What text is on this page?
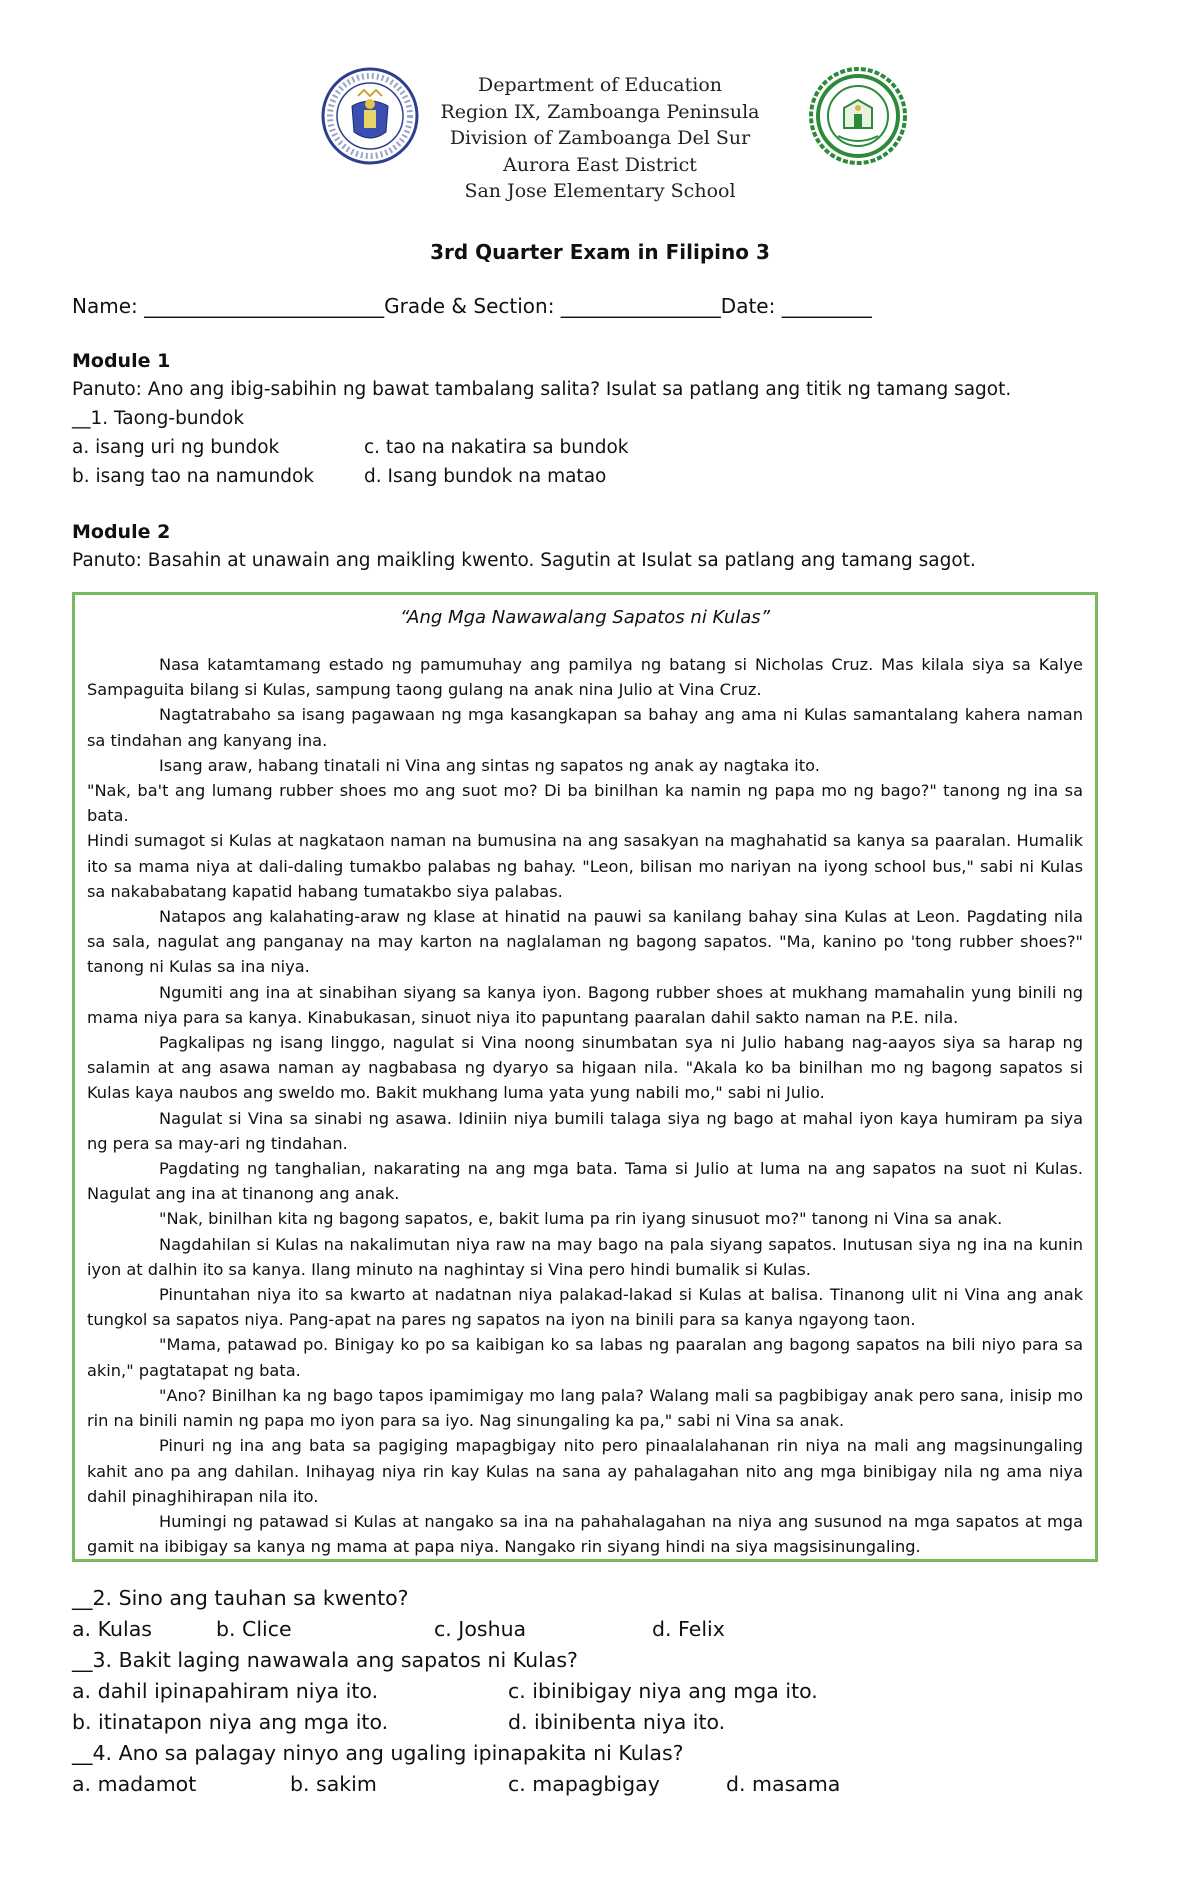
Department of Education
Region IX, Zamboanga Peninsula
Division of Zamboanga Del Sur
Aurora East District
San Jose Elementary School
3rd Quarter Exam in Filipino 3
Name: ________________________Grade & Section: ________________Date: _________
Module 1
Panuto: Ano ang ibig-sabihin ng bawat tambalang salita? Isulat sa patlang ang titik ng tamang sagot.
__1. Taong-bundok
a. isang uri ng bundok	c. tao na nakatira sa bundok
b. isang tao na namundok	d. Isang bundok na matao
Module 2
Panuto: Basahin at unawain ang maikling kwento. Sagutin at Isulat sa patlang ang tamang sagot.
“Ang Mga Nawawalang Sapatos ni Kulas”

Nasa katamtamang estado ng pamumuhay ang pamilya ng batang si Nicholas Cruz. Mas kilala siya sa Kalye Sampaguita bilang si Kulas, sampung taong gulang na anak nina Julio at Vina Cruz.

Nagtatrabaho sa isang pagawaan ng mga kasangkapan sa bahay ang ama ni Kulas samantalang kahera naman sa tindahan ang kanyang ina.

Isang araw, habang tinatali ni Vina ang sintas ng sapatos ng anak ay nagtaka ito.

"Nak, ba't ang lumang rubber shoes mo ang suot mo? Di ba binilhan ka namin ng papa mo ng bago?" tanong ng ina sa bata.

Hindi sumagot si Kulas at nagkataon naman na bumusina na ang sasakyan na maghahatid sa kanya sa paaralan. Humalik ito sa mama niya at dali-daling tumakbo palabas ng bahay. "Leon, bilisan mo nariyan na iyong school bus," sabi ni Kulas sa nakababatang kapatid habang tumatakbo siya palabas.

Natapos ang kalahating-araw ng klase at hinatid na pauwi sa kanilang bahay sina Kulas at Leon. Pagdating nila sa sala, nagulat ang panganay na may karton na naglalaman ng bagong sapatos. "Ma, kanino po 'tong rubber shoes?" tanong ni Kulas sa ina niya.

Ngumiti ang ina at sinabihan siyang sa kanya iyon. Bagong rubber shoes at mukhang mamahalin yung binili ng mama niya para sa kanya. Kinabukasan, sinuot niya ito papuntang paaralan dahil sakto naman na P.E. nila.

Pagkalipas ng isang linggo, nagulat si Vina noong sinumbatan sya ni Julio habang nag-aayos siya sa harap ng salamin at ang asawa naman ay nagbabasa ng dyaryo sa higaan nila. "Akala ko ba binilhan mo ng bagong sapatos si Kulas kaya naubos ang sweldo mo. Bakit mukhang luma yata yung nabili mo," sabi ni Julio.

Nagulat si Vina sa sinabi ng asawa. Idiniin niya bumili talaga siya ng bago at mahal iyon kaya humiram pa siya ng pera sa may-ari ng tindahan.

Pagdating ng tanghalian, nakarating na ang mga bata. Tama si Julio at luma na ang sapatos na suot ni Kulas. Nagulat ang ina at tinanong ang anak.

"Nak, binilhan kita ng bagong sapatos, e, bakit luma pa rin iyang sinusuot mo?" tanong ni Vina sa anak.

Nagdahilan si Kulas na nakalimutan niya raw na may bago na pala siyang sapatos. Inutusan siya ng ina na kunin iyon at dalhin ito sa kanya. Ilang minuto na naghintay si Vina pero hindi bumalik si Kulas.

Pinuntahan niya ito sa kwarto at nadatnan niya palakad-lakad si Kulas at balisa. Tinanong ulit ni Vina ang anak tungkol sa sapatos niya. Pang-apat na pares ng sapatos na iyon na binili para sa kanya ngayong taon.

"Mama, patawad po. Binigay ko po sa kaibigan ko sa labas ng paaralan ang bagong sapatos na bili niyo para sa akin," pagtatapat ng bata.

"Ano? Binilhan ka ng bago tapos ipamimigay mo lang pala? Walang mali sa pagbibigay anak pero sana, inisip mo rin na binili namin ng papa mo iyon para sa iyo. Nag sinungaling ka pa," sabi ni Vina sa anak.

Pinuri ng ina ang bata sa pagiging mapagbigay nito pero pinaalalahanan rin niya na mali ang magsinungaling kahit ano pa ang dahilan. Inihayag niya rin kay Kulas na sana ay pahalagahan nito ang mga binibigay nila ng ama niya dahil pinaghihirapan nila ito.

Humingi ng patawad si Kulas at nangako sa ina na pahahalagahan na niya ang susunod na mga sapatos at mga gamit na ibibigay sa kanya ng mama at papa niya. Nangako rin siyang hindi na siya magsisinungaling.

__2. Sino ang tauhan sa kwento?
a. Kulas	b. Clice	c. Joshua	d. Felix
__3. Bakit laging nawawala ang sapatos ni Kulas?
a. dahil ipinapahiram niya ito.	c. ibinibigay niya ang mga ito.
b. itinatapon niya ang mga ito.	d. ibinibenta niya ito.
__4. Ano sa palagay ninyo ang ugaling ipinapakita ni Kulas?
a. madamot	b. sakim	c. mapagbigay	d. masama
